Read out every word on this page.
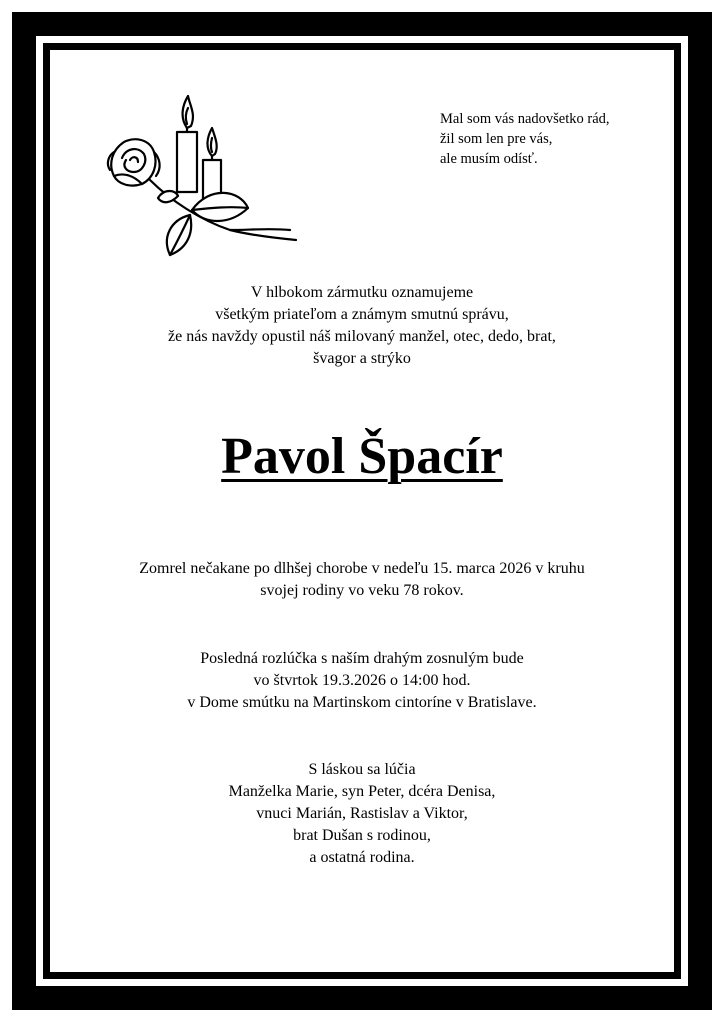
Mal som vás nadovšetko rád,
žil som len pre vás,
ale musím odísť.
V hlbokom zármutku oznamujeme
všetkým priateľom a známym smutnú správu,
že nás navždy opustil náš milovaný manžel, otec, dedo, brat,
švagor a strýko
Pavol Špacír
Zomrel nečakane po dlhšej chorobe v nedeľu 15. marca 2026 v kruhu
svojej rodiny vo veku 78 rokov.
Posledná rozlúčka s naším drahým zosnulým bude
vo štvrtok 19.3.2026 o 14:00 hod.
v Dome smútku na Martinskom cintoríne v Bratislave.
S láskou sa lúčia
Manželka Marie, syn Peter, dcéra Denisa,
vnuci Marián, Rastislav a Viktor,
brat Dušan s rodinou,
a ostatná rodina.
